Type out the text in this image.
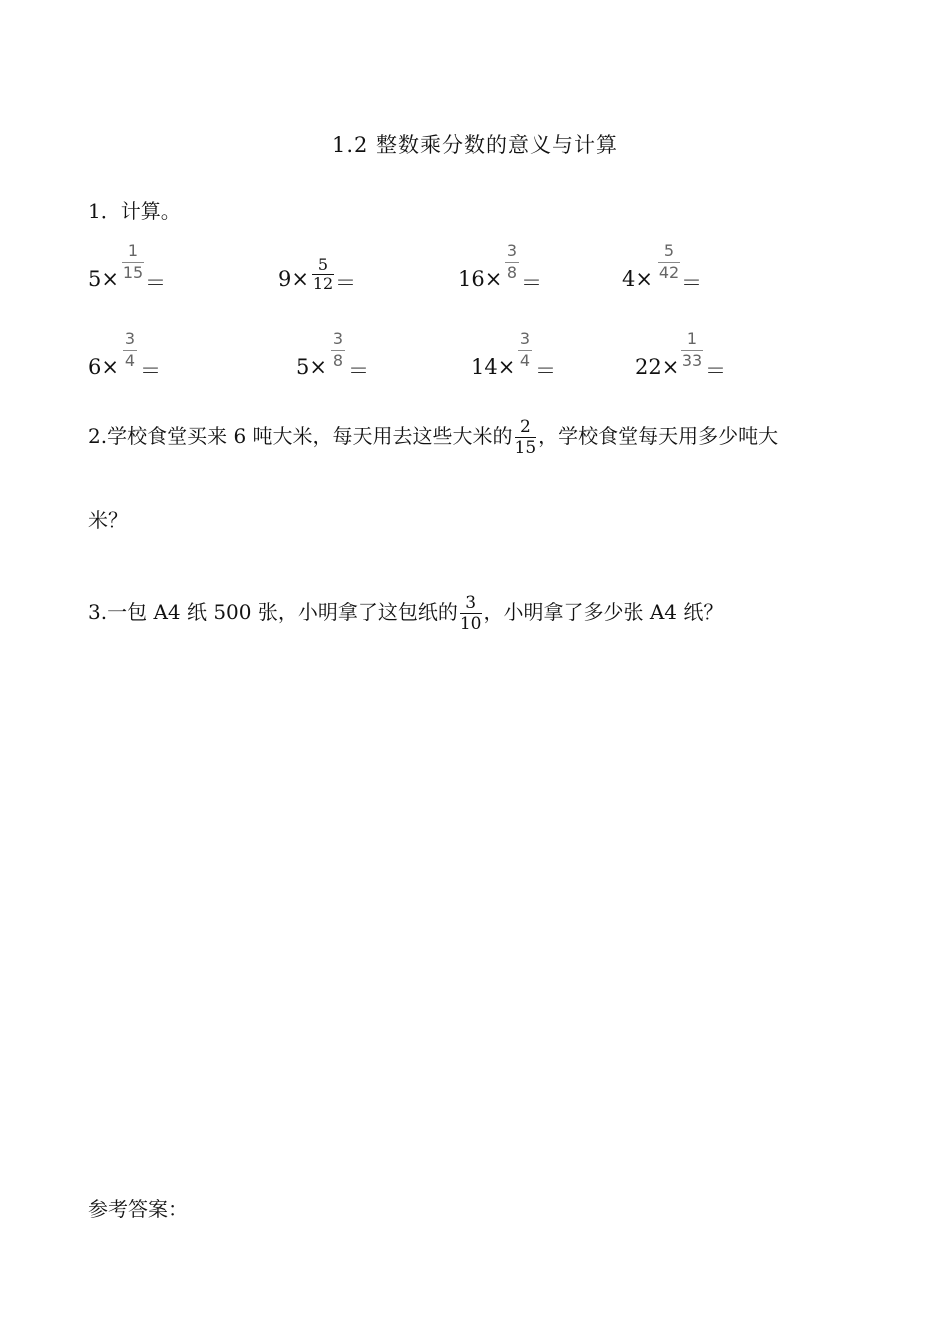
1.2 整数乘分数的意义与计算
1．计算。
5×
1
15 ＝	9×
5
12 ＝	16×
3
8 ＝	4×
5
42 ＝
6×
3
4 ＝	5×
3
8 ＝	14×
3
4 ＝	22×
1
33 ＝
2.学校食堂买来 6 吨大米，每天用去这些大米的 $\frac{2}{15}$ ，学校食堂每天用多少吨大
米？
3.一包 A4 纸 500 张，小明拿了这包纸的 $\frac{3}{10}$ ，小明拿了多少张 A4 纸？
参考答案：
